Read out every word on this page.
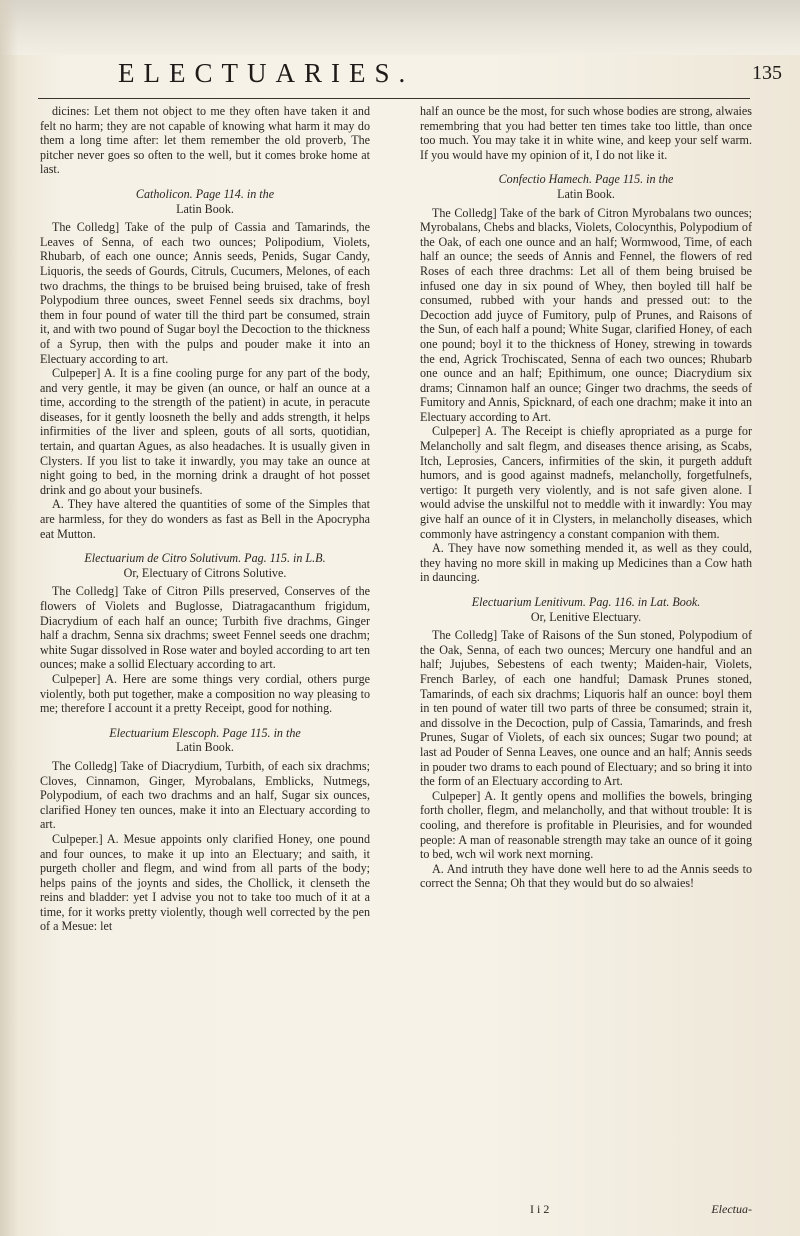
ELECTUARIES.	135

dicines: Let them not object to me they often have taken it and felt no harm; they are not capable of knowing what harm it may do them a long time after: let them remember the old proverb, The pitcher never goes so often to the well, but it comes broke home at last.

Catholicon. Page 114. in the

Latin Book.

The Colledg] Take of the pulp of Cassia and Tamarinds, the Leaves of Senna, of each two ounces; Polipodium, Violets, Rhubarb, of each one ounce; Annis seeds, Penids, Sugar Candy, Liquoris, the seeds of Gourds, Citruls, Cucumers, Melones, of each two drachms, the things to be bruised being bruised, take of fresh Polypodium three ounces, sweet Fennel seeds six drachms, boyl them in four pound of water till the third part be consumed, strain it, and with two pound of Sugar boyl the Decoction to the thickness of a Syrup, then with the pulps and pouder make it into an Electuary according to art.

Culpeper] A. It is a fine cooling purge for any part of the body, and very gentle, it may be given (an ounce, or half an ounce at a time, according to the strength of the patient) in acute, in peracute diseases, for it gently loosneth the belly and adds strength, it helps infirmities of the liver and spleen, gouts of all sorts, quotidian, tertain, and quartan Agues, as also headaches. It is usually given in Clysters. If you list to take it inwardly, you may take an ounce at night going to bed, in the morning drink a draught of hot posset drink and go about your businefs.

A. They have altered the quantities of some of the Simples that are harmless, for they do wonders as fast as Bell in the Apocrypha eat Mutton.

Electuarium de Citro Solutivum. Pag. 115. in L.B.

Or, Electuary of Citrons Solutive.

The Colledg] Take of Citron Pills preserved, Conserves of the flowers of Violets and Buglosse, Diatragacanthum frigidum, Diacrydium of each half an ounce; Turbith five drachms, Ginger half a drachm, Senna six drachms; sweet Fennel seeds one drachm; white Sugar dissolved in Rose water and boyled according to art ten ounces; make a sollid Electuary according to art.

Culpeper] A. Here are some things very cordial, others purge violently, both put together, make a composition no way pleasing to me; therefore I account it a pretty Receipt, good for nothing.

Electuarium Elescoph. Page 115. in the

Latin Book.

The Colledg] Take of Diacrydium, Turbith, of each six drachms; Cloves, Cinnamon, Ginger, Myrobalans, Emblicks, Nutmegs, Polypodium, of each two drachms and an half, Sugar six ounces, clarified Honey ten ounces, make it into an Electuary according to art.

Culpeper.] A. Mesue appoints only clarified Honey, one pound and four ounces, to make it up into an Electuary; and saith, it purgeth choller and flegm, and wind from all parts of the body; helps pains of the joynts and sides, the Chollick, it clenseth the reins and bladder: yet I advise you not to take too much of it at a time, for it works pretty violently, though well corrected by the pen of a Mesue: let

half an ounce be the most, for such whose bodies are strong, alwaies remembring that you had better ten times take too little, than once too much. You may take it in white wine, and keep your self warm. If you would have my opinion of it, I do not like it.

Confectio Hamech. Page 115. in the

Latin Book.

The Colledg] Take of the bark of Citron Myrobalans two ounces; Myrobalans, Chebs and blacks, Violets, Colocynthis, Polypodium of the Oak, of each one ounce and an half; Wormwood, Time, of each half an ounce; the seeds of Annis and Fennel, the flowers of red Roses of each three drachms: Let all of them being bruised be infused one day in six pound of Whey, then boyled till half be consumed, rubbed with your hands and pressed out: to the Decoction add juyce of Fumitory, pulp of Prunes, and Raisons of the Sun, of each half a pound; White Sugar, clarified Honey, of each one pound; boyl it to the thickness of Honey, strewing in towards the end, Agrick Trochiscated, Senna of each two ounces; Rhubarb one ounce and an half; Epithimum, one ounce; Diacrydium six drams; Cinnamon half an ounce; Ginger two drachms, the seeds of Fumitory and Annis, Spicknard, of each one drachm; make it into an Electuary according to Art.

Culpeper] A. The Receipt is chiefly apropriated as a purge for Melancholly and salt flegm, and diseases thence arising, as Scabs, Itch, Leprosies, Cancers, infirmities of the skin, it purgeth adduft humors, and is good against madnefs, melancholly, forgetfulnefs, vertigo: It purgeth very violently, and is not safe given alone. I would advise the unskilful not to meddle with it inwardly: You may give half an ounce of it in Clysters, in melancholly diseases, which commonly have astringency a constant companion with them.

A. They have now something mended it, as well as they could, they having no more skill in making up Medicines than a Cow hath in dauncing.

Electuarium Lenitivum. Pag. 116. in Lat. Book.

Or, Lenitive Electuary.

The Colledg] Take of Raisons of the Sun stoned, Polypodium of the Oak, Senna, of each two ounces; Mercury one handful and an half; Jujubes, Sebestens of each twenty; Maiden-hair, Violets, French Barley, of each one handful; Damask Prunes stoned, Tamarinds, of each six drachms; Liquoris half an ounce: boyl them in ten pound of water till two parts of three be consumed; strain it, and dissolve in the Decoction, pulp of Cassia, Tamarinds, and fresh Prunes, Sugar of Violets, of each six ounces; Sugar two pound; at last ad Pouder of Senna Leaves, one ounce and an half; Annis seeds in pouder two drams to each pound of Electuary; and so bring it into the form of an Electuary according to Art.

Culpeper] A. It gently opens and mollifies the bowels, bringing forth choller, flegm, and melancholly, and that without trouble: It is cooling, and therefore is profitable in Pleurisies, and for wounded people: A man of reasonable strength may take an ounce of it going to bed, wch wil work next morning.

A. And intruth they have done well here to ad the Annis seeds to correct the Senna; Oh that they would but do so alwaies!

I i 2	Electua-
